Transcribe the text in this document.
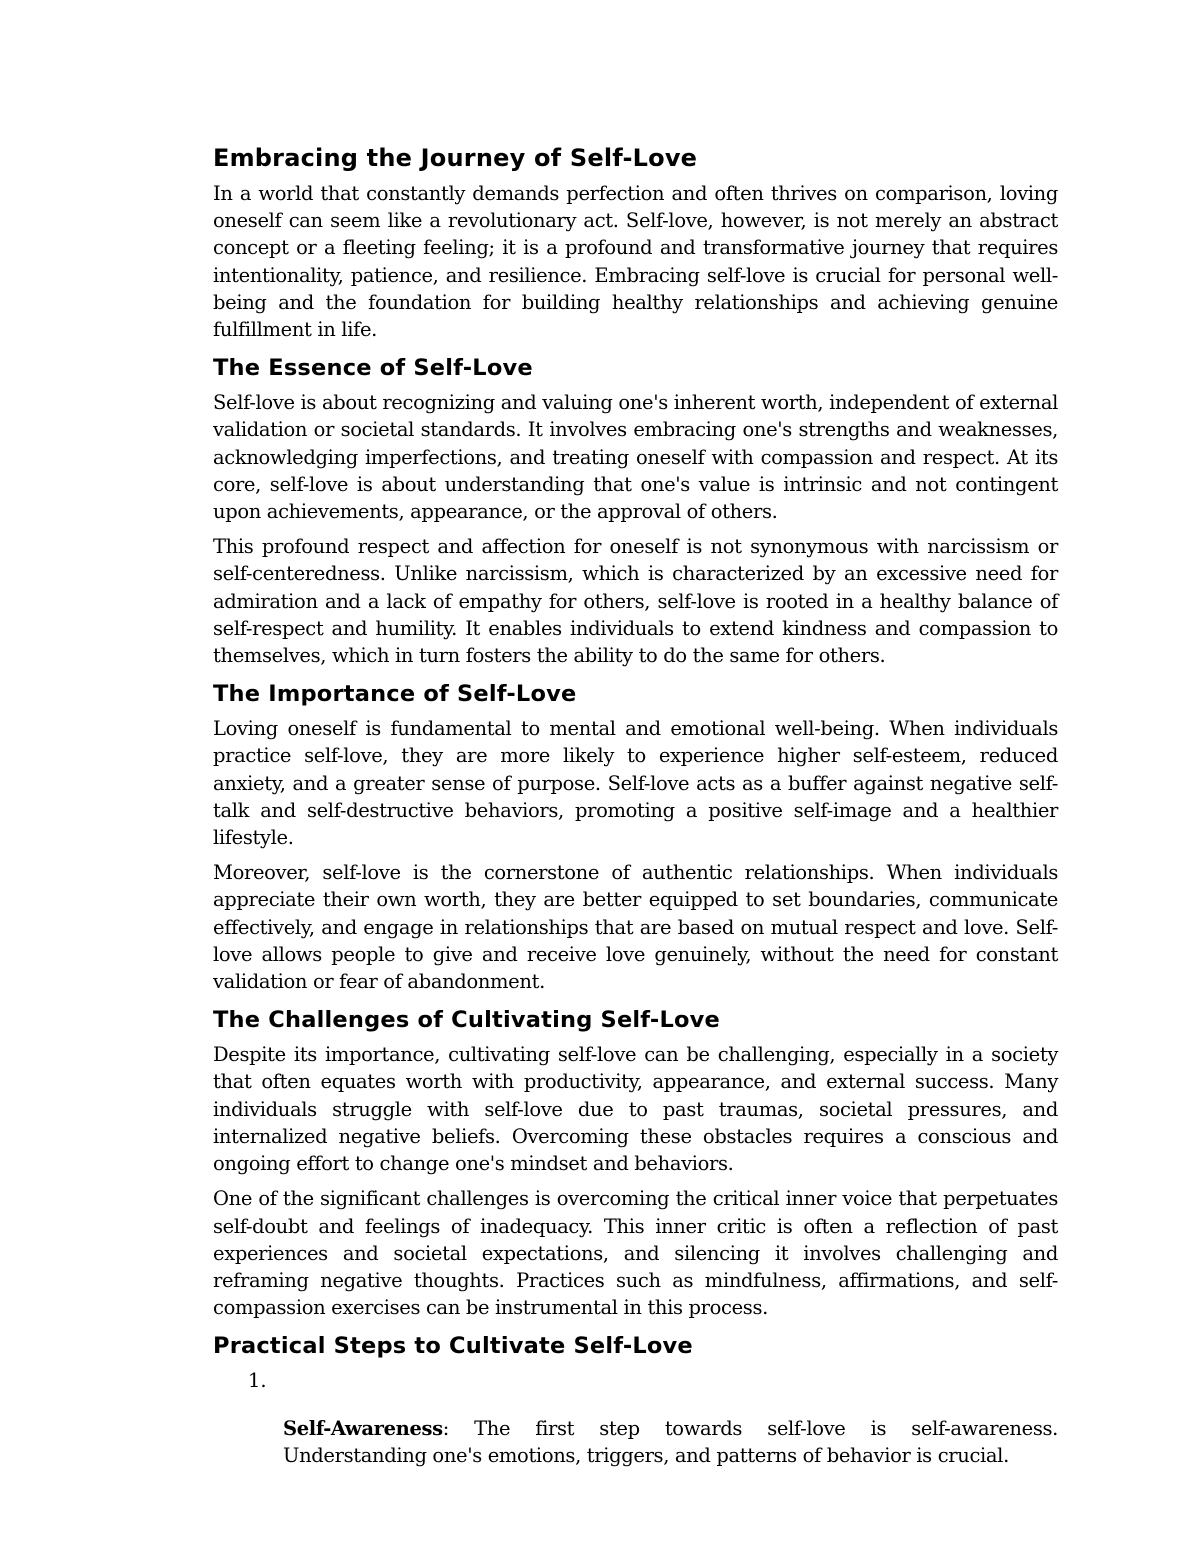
Embracing the Journey of Self-Love

In a world that constantly demands perfection and often thrives on comparison, loving oneself can seem like a revolutionary act. Self-love, however, is not merely an abstract concept or a fleeting feeling; it is a profound and transformative journey that requires intentionality, patience, and resilience. Embracing self-love is crucial for personal well-being and the foundation for building healthy relationships and achieving genuine fulfillment in life.

The Essence of Self-Love

Self-love is about recognizing and valuing one's inherent worth, independent of external validation or societal standards. It involves embracing one's strengths and weaknesses, acknowledging imperfections, and treating oneself with compassion and respect. At its core, self-love is about understanding that one's value is intrinsic and not contingent upon achievements, appearance, or the approval of others.

This profound respect and affection for oneself is not synonymous with narcissism or self-centeredness. Unlike narcissism, which is characterized by an excessive need for admiration and a lack of empathy for others, self-love is rooted in a healthy balance of self-respect and humility. It enables individuals to extend kindness and compassion to themselves, which in turn fosters the ability to do the same for others.

The Importance of Self-Love

Loving oneself is fundamental to mental and emotional well-being. When individuals practice self-love, they are more likely to experience higher self-esteem, reduced anxiety, and a greater sense of purpose. Self-love acts as a buffer against negative self-talk and self-destructive behaviors, promoting a positive self-image and a healthier lifestyle.

Moreover, self-love is the cornerstone of authentic relationships. When individuals appreciate their own worth, they are better equipped to set boundaries, communicate effectively, and engage in relationships that are based on mutual respect and love. Self-love allows people to give and receive love genuinely, without the need for constant validation or fear of abandonment.

The Challenges of Cultivating Self-Love

Despite its importance, cultivating self-love can be challenging, especially in a society that often equates worth with productivity, appearance, and external success. Many individuals struggle with self-love due to past traumas, societal pressures, and internalized negative beliefs. Overcoming these obstacles requires a conscious and ongoing effort to change one's mindset and behaviors.

One of the significant challenges is overcoming the critical inner voice that perpetuates self-doubt and feelings of inadequacy. This inner critic is often a reflection of past experiences and societal expectations, and silencing it involves challenging and reframing negative thoughts. Practices such as mindfulness, affirmations, and self-compassion exercises can be instrumental in this process.

Practical Steps to Cultivate Self-Love
1.

Self-Awareness: The first step towards self-love is self-awareness. Understanding one's emotions, triggers, and patterns of behavior is crucial.
